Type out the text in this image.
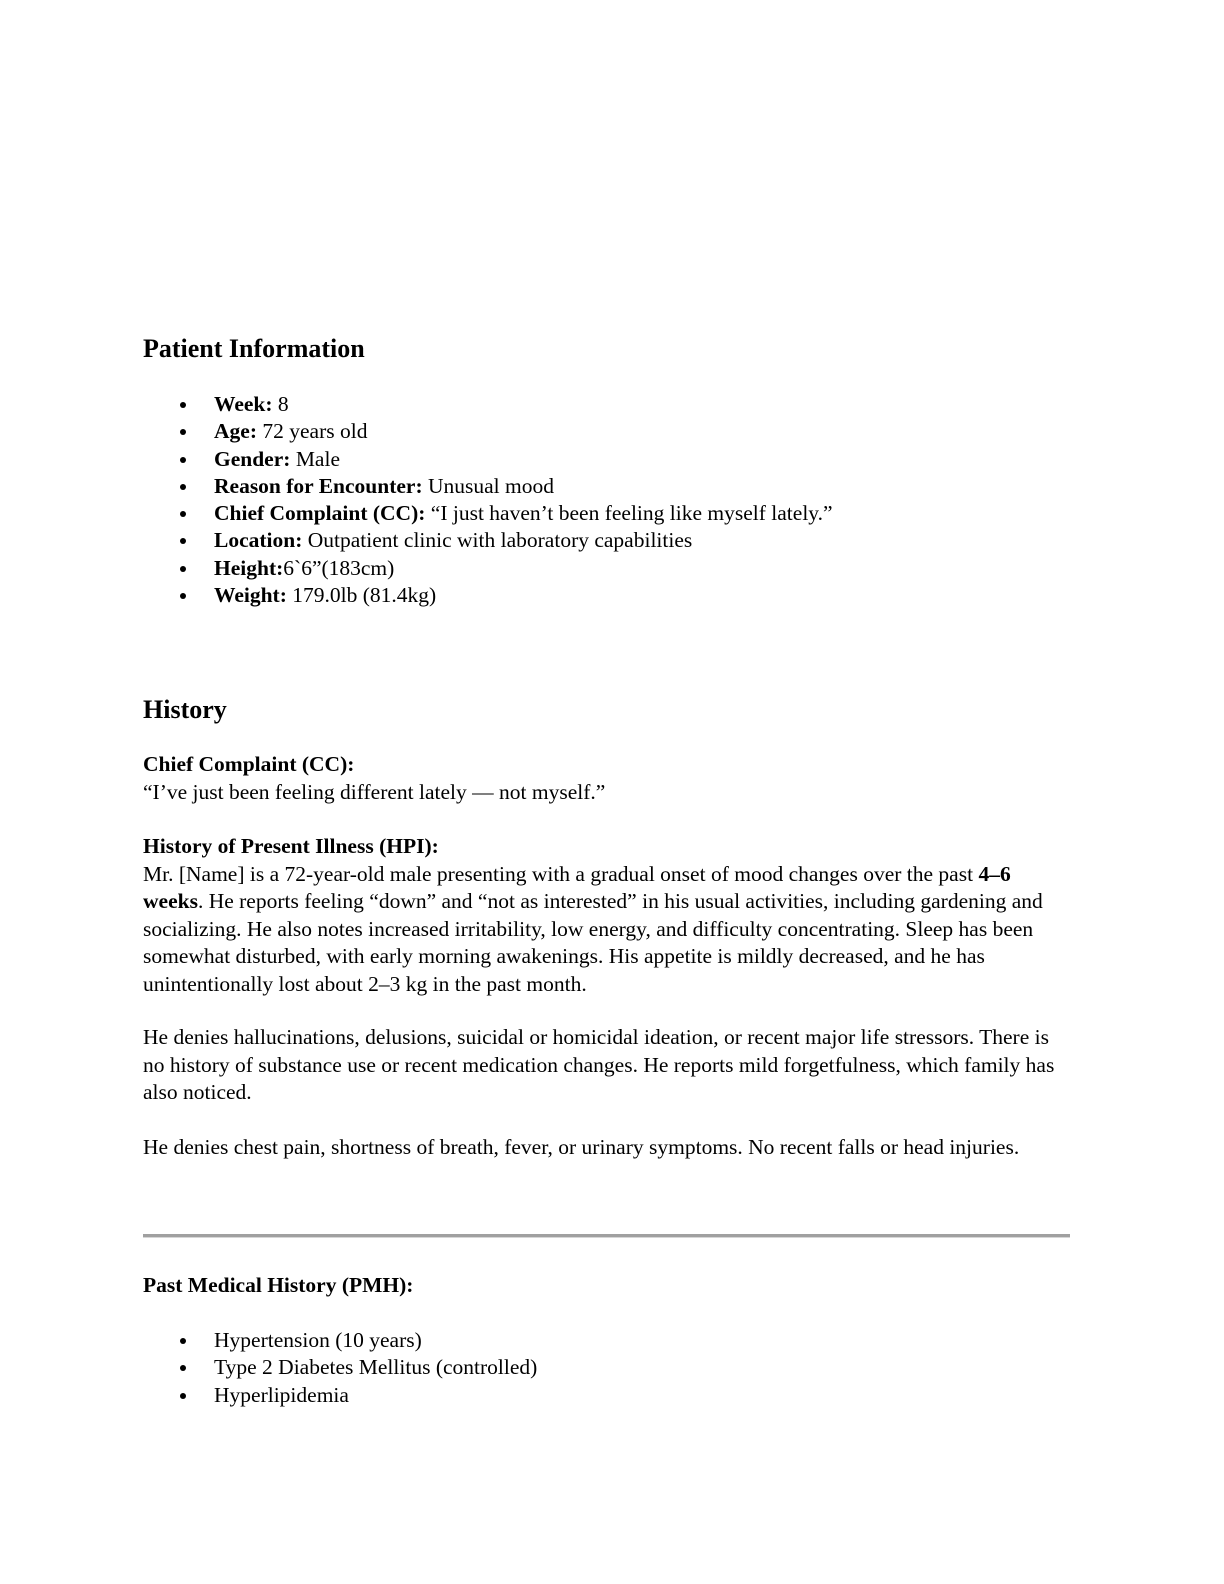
Patient Information
Week: 8
Age: 72 years old
Gender: Male
Reason for Encounter: Unusual mood
Chief Complaint (CC): “I just haven’t been feeling like myself lately.”
Location: Outpatient clinic with laboratory capabilities
Height:6`6”(183cm)
Weight: 179.0lb (81.4kg)
History
Chief Complaint (CC):

“I’ve just been feeling different lately — not myself.”

History of Present Illness (HPI):

Mr. [Name] is a 72-year-old male presenting with a gradual onset of mood changes over the past 4–6 weeks. He reports feeling “down” and “not as interested” in his usual activities, including gardening and socializing. He also notes increased irritability, low energy, and difficulty concentrating. Sleep has been somewhat disturbed, with early morning awakenings. His appetite is mildly decreased, and he has unintentionally lost about 2–3 kg in the past month.

He denies hallucinations, delusions, suicidal or homicidal ideation, or recent major life stressors. There is no history of substance use or recent medication changes. He reports mild forgetfulness, which family has also noticed.

He denies chest pain, shortness of breath, fever, or urinary symptoms. No recent falls or head injuries.

Past Medical History (PMH):
Hypertension (10 years)
Type 2 Diabetes Mellitus (controlled)
Hyperlipidemia
